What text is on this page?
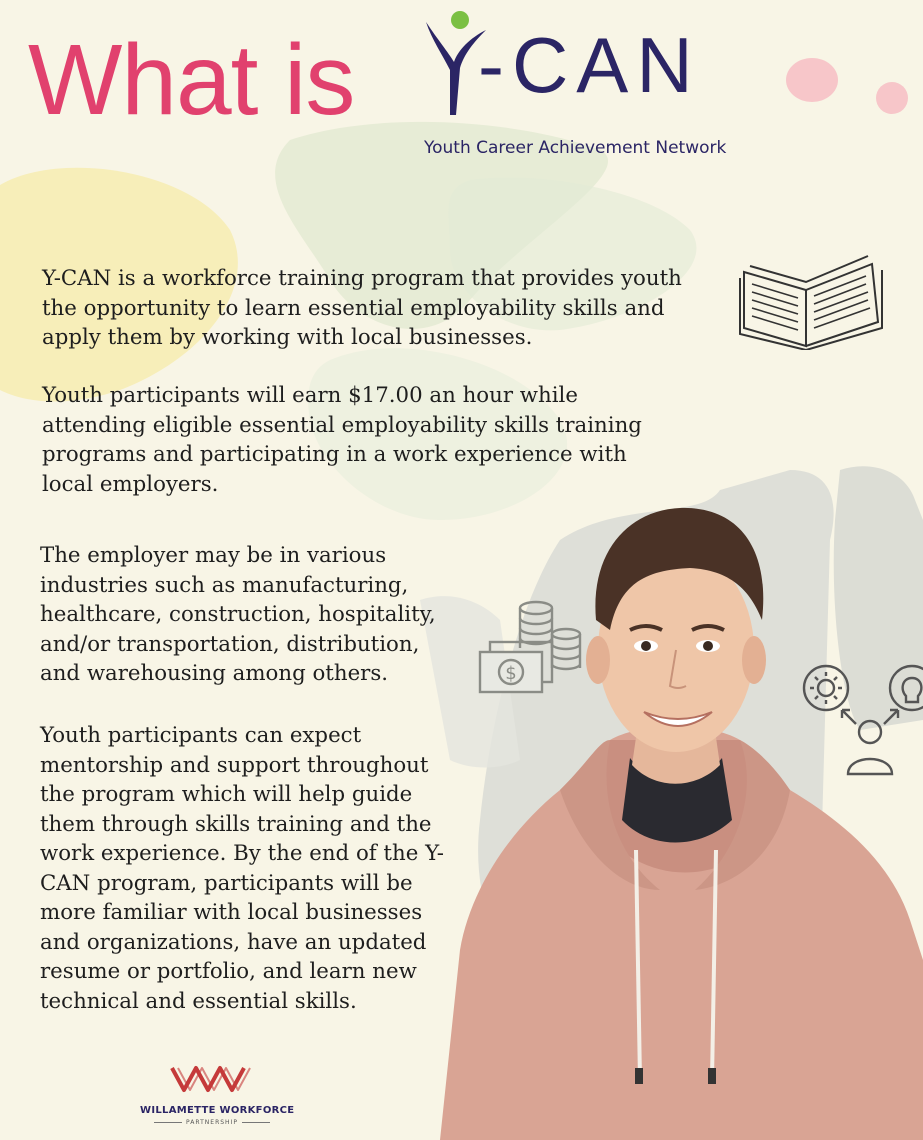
What is -CAN
Youth Career Achievement Network
$
Y-CAN is a workforce training program that provides youth the opportunity to learn essential employability skills and apply them by working with local businesses.
Youth participants will earn $17.00 an hour while attending eligible essential employability skills training programs and participating in a work experience with local employers.
The employer may be in various industries such as manufacturing, healthcare, construction, hospitality, and/or transportation, distribution, and warehousing among others.
Youth participants can expect mentorship and support throughout the program which will help guide them through skills training and the work experience. By the end of the Y-CAN program, participants will be more familiar with local businesses and organizations, have an updated resume or portfolio, and learn new technical and essential skills.
WILLAMETTE WORKFORCE
PARTNERSHIP
